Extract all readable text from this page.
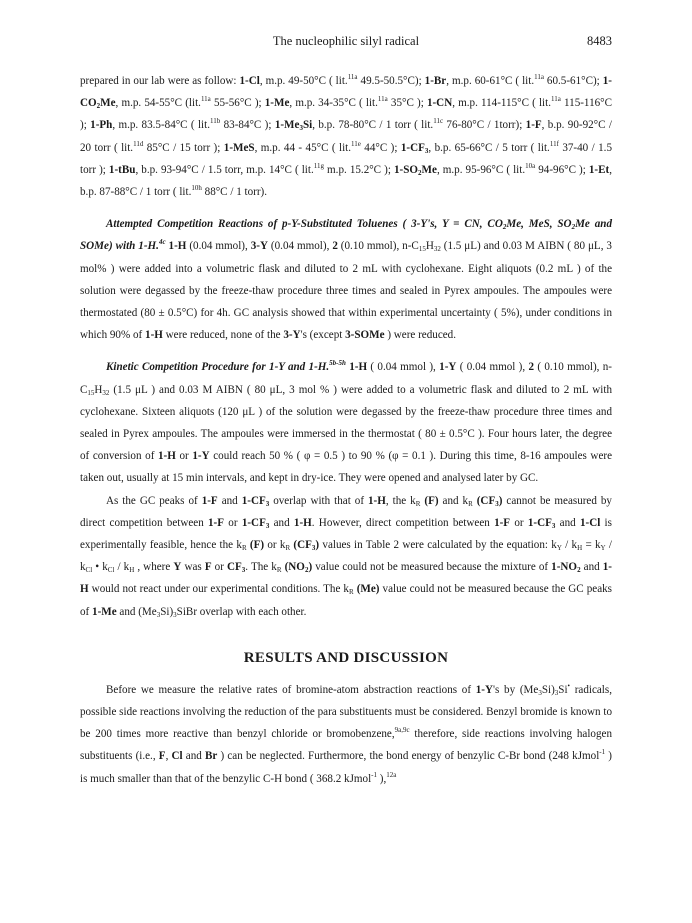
The nucleophilic silyl radical	8483

prepared in our lab were as follow: 1-Cl, m.p. 49-50°C ( lit.$^{11a}$ 49.5-50.5°C); 1-Br, m.p. 60-61°C ( lit.$^{11a}$ 60.5-61°C); $1-CO_2Me$, m.p. 54-55°C (lit.$^{11a}$ 55-56°C ); 1-Me, m.p. 34-35°C ( lit.$^{11a}$ 35°C ); 1-CN, m.p. 114-115°C ( lit.$^{11a}$ 115-116°C ); 1-Ph, m.p. 83.5-84°C ( lit.$^{11b}$ 83-84°C ); $1-Me_3Si$, b.p. 78-80°C / 1 torr ( lit.$^{11c}$ 76-80°C / 1torr); 1-F, b.p. 90-92°C / 20 torr ( lit.$^{11d}$ 85°C / 15 torr ); 1-MeS, m.p. 44 - 45°C ( lit.$^{11e}$ 44°C ); $1-CF_3$, b.p. 65-66°C / 5 torr ( lit.$^{11f}$ 37-40 / 1.5 torr ); 1-tBu, b.p. 93-94°C / 1.5 torr, m.p. 14°C ( lit.$^{11g}$ m.p. 15.2°C ); $1-SO_2Me$, m.p. 95-96°C ( lit.$^{10a}$ 94-96°C ); 1-Et, b.p. 87-88°C / 1 torr ( lit.$^{10h}$ 88°C / 1 torr).

Attempted Competition Reactions of p-Y-Substituted Toluenes ( 3-Y's, Y = CN, $CO_2Me$, MeS, $SO_2Me$ and SOMe) with 1-H.$^{4c}$ 1-H (0.04 mmol), 3-Y (0.04 mmol), 2 (0.10 mmol), $n-C_{15}H_{32}$ (1.5 μL) and 0.03 M AIBN ( 80 μL, 3 mol% ) were added into a volumetric flask and diluted to 2 mL with cyclohexane. Eight aliquots (0.2 mL ) of the solution were degassed by the freeze-thaw procedure three times and sealed in Pyrex ampoules. The ampoules were thermostated (80 ± 0.5°C) for 4h. GC analysis showed that within experimental uncertainty ( 5%), under conditions in which 90% of 1-H were reduced, none of the 3-Y's (except 3-SOMe ) were reduced.

Kinetic Competition Procedure for 1-Y and 1-H.$^{5b-5h}$ 1-H ( 0.04 mmol ), 1-Y ( 0.04 mmol ), 2 ( 0.10 mmol), $n-C_{15}H_{32}$ (1.5 μL ) and 0.03 M AIBN ( 80 μL, 3 mol % ) were added to a volumetric flask and diluted to 2 mL with cyclohexane. Sixteen aliquots (120 μL ) of the solution were degassed by the freeze-thaw procedure three times and sealed in Pyrex ampoules. The ampoules were immersed in the thermostat ( 80 ± 0.5°C ). Four hours later, the degree of conversion of 1-H or 1-Y could reach 50 % ( φ = 0.5 ) to 90 % (φ = 0.1 ). During this time, 8-16 ampoules were taken out, usually at 15 min intervals, and kept in dry-ice. They were opened and analysed later by GC.

As the GC peaks of 1-F and $1-CF_3$ overlap with that of 1-H, the $k_R$ (F) and $k_R$ $(CF_3)$ cannot be measured by direct competition between 1-F or $1-CF_3$ and 1-H. However, direct competition between 1-F or $1-CF_3$ and 1-Cl is experimentally feasible, hence the $k_R$ (F) or $k_R$ $(CF_3)$ values in Table 2 were calculated by the equation: $k_Y / k_H = k_Y / k_{Cl}$ • $k_{Cl} / k_H$ , where Y was F or $CF_3$. The $k_R$ $(NO_2)$ value could not be measured because the mixture of $1-NO_2$ and 1-H would not react under our experimental conditions. The $k_R$ (Me) value could not be measured because the GC peaks of 1-Me and $(Me_3Si)_3SiBr$ overlap with each other.

RESULTS AND DISCUSSION

Before we measure the relative rates of bromine-atom abstraction reactions of 1-Y's by $(Me_3Si)_3Si^•$ radicals, possible side reactions involving the reduction of the para substituents must be considered. Benzyl bromide is known to be 200 times more reactive than benzyl chloride or bromobenzene,$^{9a,9c}$ therefore, side reactions involving halogen substituents (i.e., F, Cl and Br ) can be neglected. Furthermore, the bond energy of benzylic C-Br bond (248 kJmol$^{-1}$ ) is much smaller than that of the benzylic C-H bond ( 368.2 kJmol$^{-1}$ ),$^{12a}$
